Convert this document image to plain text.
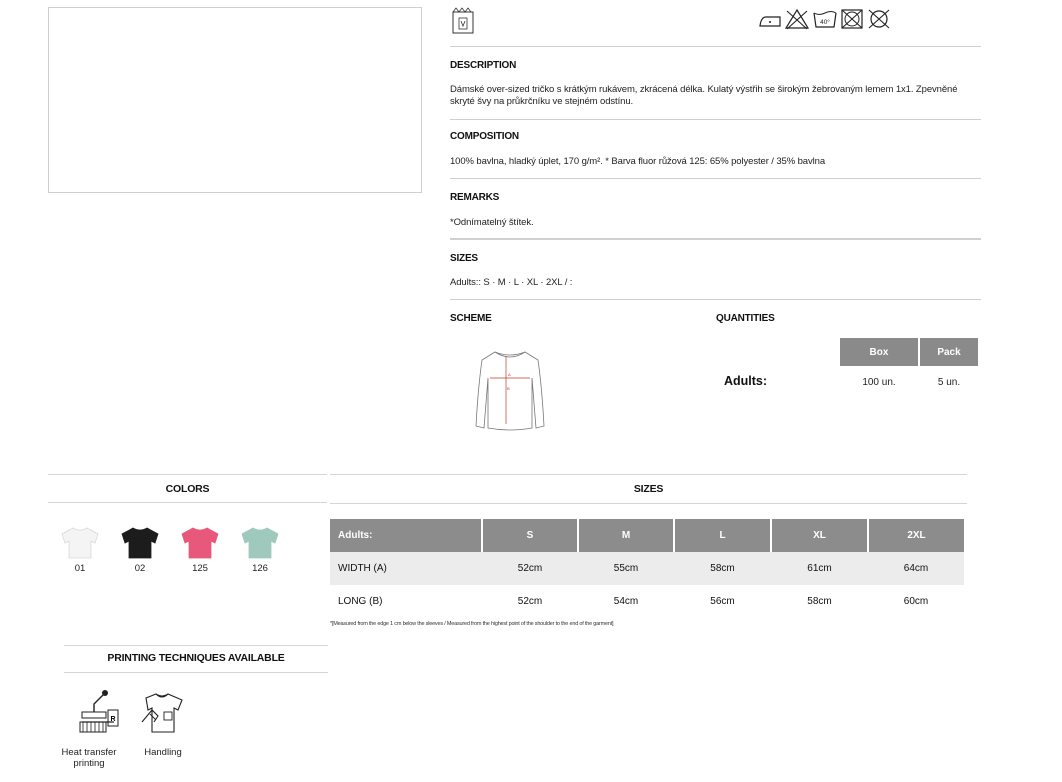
40°
DESCRIPTION
Dámské over-sized tričko s krátkým rukávem, zkrácená délka. Kulatý výstřih se širokým žebrovaným lemem 1x1. Zpevněné skryté švy na průkrčníku ve stejném odstínu.
COMPOSITION
100% bavlna, hladký úplet, 170 g/m². * Barva fluor růžová 125: 65% polyester / 35% bavlna
REMARKS
*Odnímatelný štítek.
SIZES
Adults:: S · M · L · XL · 2XL / :
SCHEME
A
B
QUANTITIES
Box	Pack
Adults:	100 un.	5 un.
COLORS
01	02	125	126
SIZES
Adults:	S	M	L	XL	2XL
WIDTH (A)	52cm	55cm	58cm	61cm	64cm
LONG (B)	52cm	54cm	56cm	58cm	60cm
*[Measured from the edge 1 cm below the sleeves / Measured from the highest point of the shoulder to the end of the garment]
PRINTING TECHNIQUES AVAILABLE
R
Heat transfer printing
Handling
